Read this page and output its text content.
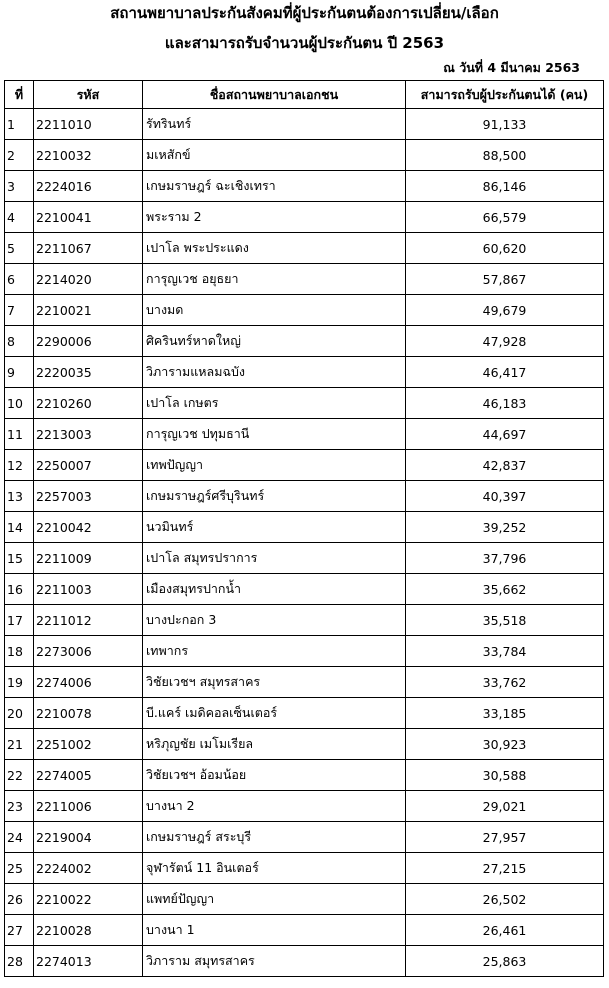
สถานพยาบาลประกันสังคมที่ผู้ประกันตนต้องการเปลี่ยน/เลือก
และสามารถรับจำนวนผู้ประกันตน ปี 2563
ณ วันที่ 4 มีนาคม 2563
ที่	รหัส	ชื่อสถานพยาบาลเอกชน	สามารถรับผู้ประกันตนได้ (คน)
1	2211010	รัทรินทร์	91,133
2	2210032	มเหสักข์	88,500
3	2224016	เกษมราษฎร์ ฉะเชิงเทรา	86,146
4	2210041	พระราม 2	66,579
5	2211067	เปาโล พระประแดง	60,620
6	2214020	การุญเวช อยุธยา	57,867
7	2210021	บางมด	49,679
8	2290006	ศิครินทร์หาดใหญ่	47,928
9	2220035	วิภารามแหลมฉบัง	46,417
10	2210260	เปาโล เกษตร	46,183
11	2213003	การุญเวช ปทุมธานี	44,697
12	2250007	เทพปัญญา	42,837
13	2257003	เกษมราษฎร์ศรีบุรินทร์	40,397
14	2210042	นวมินทร์	39,252
15	2211009	เปาโล สมุทรปราการ	37,796
16	2211003	เมืองสมุทรปากน้ำ	35,662
17	2211012	บางปะกอก 3	35,518
18	2273006	เทพากร	33,784
19	2274006	วิชัยเวชฯ สมุทรสาคร	33,762
20	2210078	บี.แคร์ เมดิคอลเซ็นเตอร์	33,185
21	2251002	หริภุญชัย เมโมเรียล	30,923
22	2274005	วิชัยเวชฯ อ้อมน้อย	30,588
23	2211006	บางนา 2	29,021
24	2219004	เกษมราษฎร์ สระบุรี	27,957
25	2224002	จุฬารัตน์ 11 อินเตอร์	27,215
26	2210022	แพทย์ปัญญา	26,502
27	2210028	บางนา 1	26,461
28	2274013	วิภาราม สมุทรสาคร	25,863
